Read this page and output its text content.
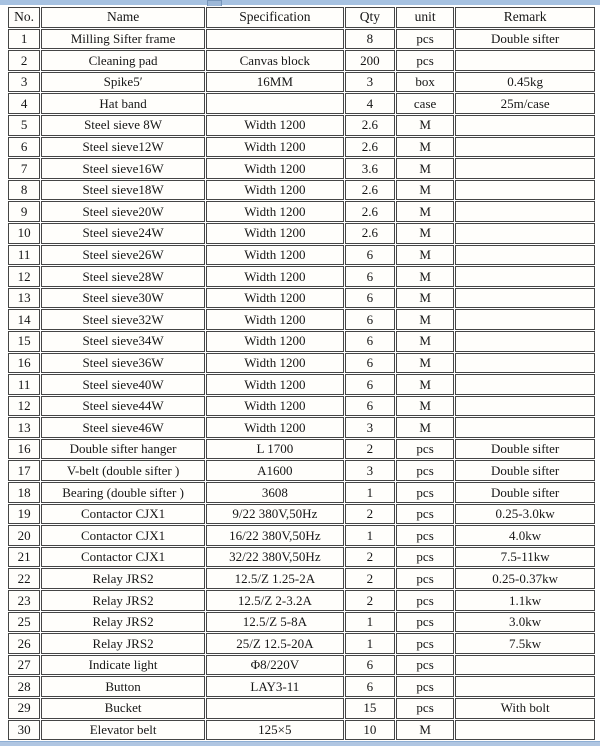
No.	Name	Specification	Qty	unit	Remark
1	Milling Sifter frame		8	pcs	Double sifter
2	Cleaning pad	Canvas block	200	pcs	
3	Spike5′	16MM	3	box	0.45kg
4	Hat band		4	case	25m/case
5	Steel sieve 8W	Width 1200	2.6	M	
6	Steel sieve12W	Width 1200	2.6	M	
7	Steel sieve16W	Width 1200	3.6	M	
8	Steel sieve18W	Width 1200	2.6	M	
9	Steel sieve20W	Width 1200	2.6	M	
10	Steel sieve24W	Width 1200	2.6	M	
11	Steel sieve26W	Width 1200	6	M	
12	Steel sieve28W	Width 1200	6	M	
13	Steel sieve30W	Width 1200	6	M	
14	Steel sieve32W	Width 1200	6	M	
15	Steel sieve34W	Width 1200	6	M	
16	Steel sieve36W	Width 1200	6	M	
11	Steel sieve40W	Width 1200	6	M	
12	Steel sieve44W	Width 1200	6	M	
13	Steel sieve46W	Width 1200	3	M	
16	Double sifter hanger	L 1700	2	pcs	Double sifter
17	V-belt (double sifter )	A1600	3	pcs	Double sifter
18	Bearing (double sifter )	3608	1	pcs	Double sifter
19	Contactor CJX1	9/22 380V,50Hz	2	pcs	0.25-3.0kw
20	Contactor CJX1	16/22 380V,50Hz	1	pcs	4.0kw
21	Contactor CJX1	32/22 380V,50Hz	2	pcs	7.5-11kw
22	Relay JRS2	12.5/Z 1.25-2A	2	pcs	0.25-0.37kw
23	Relay JRS2	12.5/Z 2-3.2A	2	pcs	1.1kw
25	Relay JRS2	12.5/Z 5-8A	1	pcs	3.0kw
26	Relay JRS2	25/Z 12.5-20A	1	pcs	7.5kw
27	Indicate light	Φ8/220V	6	pcs	
28	Button	LAY3-11	6	pcs	
29	Bucket		15	pcs	With bolt
30	Elevator belt	125×5	10	M	
